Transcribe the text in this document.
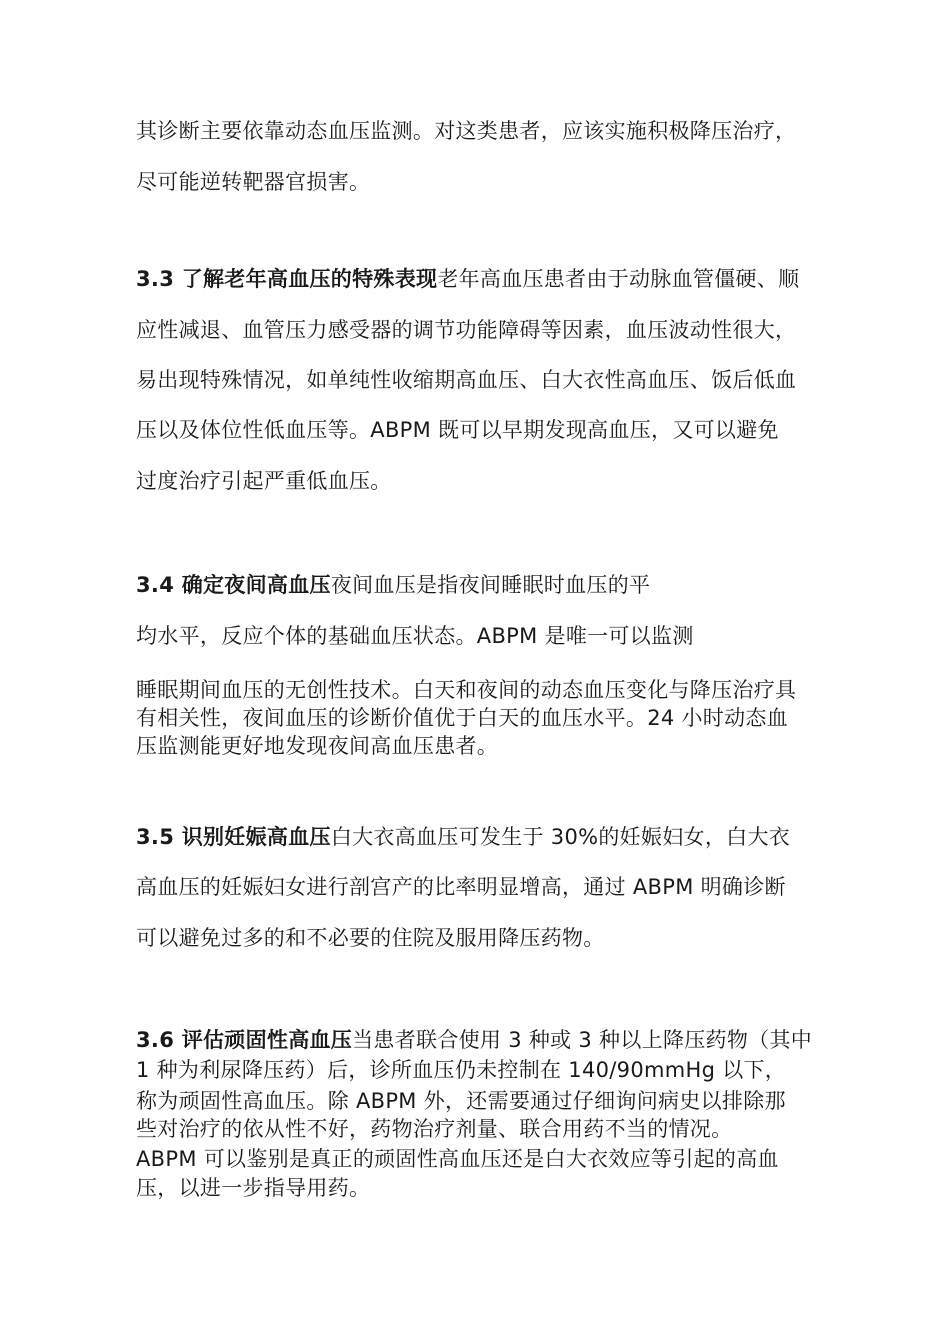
其诊断主要依靠动态血压监测。对这类患者，应该实施积极降压治疗，
尽可能逆转靶器官损害。
3.3 了解老年高血压的特殊表现老年高血压患者由于动脉血管僵硬、顺
应性减退、血管压力感受器的调节功能障碍等因素，血压波动性很大，
易出现特殊情况，如单纯性收缩期高血压、白大衣性高血压、饭后低血
压以及体位性低血压等。ABPM 既可以早期发现高血压，又可以避免
过度治疗引起严重低血压。
3.4 确定夜间高血压夜间血压是指夜间睡眠时血压的平
均水平，反应个体的基础血压状态。ABPM 是唯一可以监测
睡眠期间血压的无创性技术。白天和夜间的动态血压变化与降压治疗具
有相关性，夜间血压的诊断价值优于白天的血压水平。24 小时动态血
压监测能更好地发现夜间高血压患者。
3.5 识别妊娠高血压白大衣高血压可发生于 30%的妊娠妇女，白大衣
高血压的妊娠妇女进行剖宫产的比率明显增高，通过 ABPM 明确诊断
可以避免过多的和不必要的住院及服用降压药物。
3.6 评估顽固性高血压当患者联合使用 3 种或 3 种以上降压药物（其中
1 种为利尿降压药）后，诊所血压仍未控制在 140/90mmHg 以下，
称为顽固性高血压。除 ABPM 外，还需要通过仔细询问病史以排除那
些对治疗的依从性不好，药物治疗剂量、联合用药不当的情况。
ABPM 可以鉴别是真正的顽固性高血压还是白大衣效应等引起的高血
压，以进一步指导用药。
